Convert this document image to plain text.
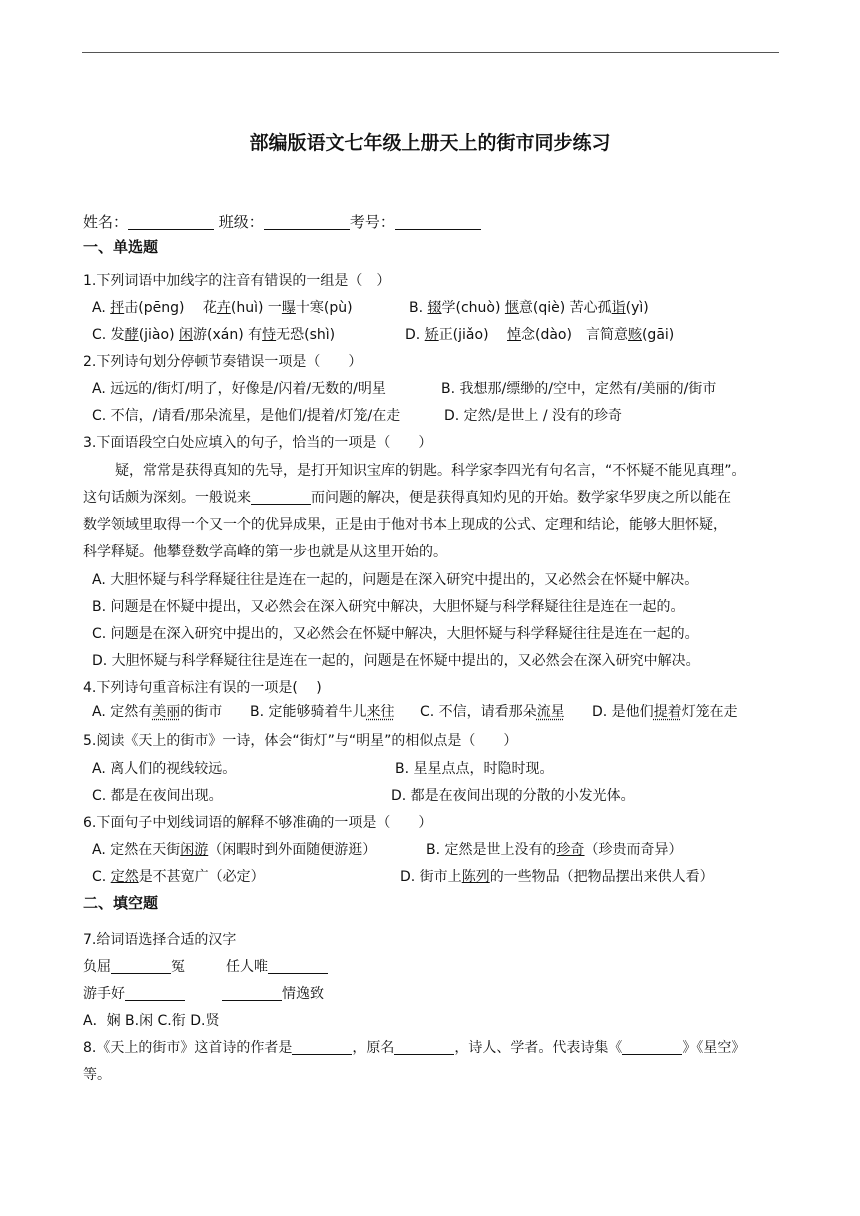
部编版语文七年级上册天上的街市同步练习
姓名：	班级：	考号：
一、单选题
1.下列词语中加线字的注音有错误的一组是（　）
A. 抨击(pēng)　 花卉(huì) 一曝十寒(pù)	B. 辍学(chuò) 惬意(qiè) 苦心孤诣(yì)
C. 发酵(jiào) 闲游(xán) 有恃无恐(shì)	D. 矫正(jiǎo)　 悼念(dào)　言简意赅(gāi)
2.下列诗句划分停顿节奏错误一项是（　　）
A. 远远的/街灯/明了，好像是/闪着/无数的/明星	B. 我想那/缥缈的/空中，定然有/美丽的/街市
C. 不信，/请看/那朵流星，是他们/提着/灯笼/在走	D. 定然/是世上 / 没有的珍奇
3.下面语段空白处应填入的句子，恰当的一项是（　　）
疑，常常是获得真知的先导，是打开知识宝库的钥匙。科学家李四光有句名言，“不怀疑不能见真理”。
这句话颇为深刻。一般说来	而问题的解决，便是获得真知灼见的开始。数学家华罗庚之所以能在
数学领域里取得一个又一个的优异成果，正是由于他对书本上现成的公式、定理和结论，能够大胆怀疑，
科学释疑。他攀登数学高峰的第一步也就是从这里开始的。
A. 大胆怀疑与科学释疑往往是连在一起的，问题是在深入研究中提出的，又必然会在怀疑中解决。
B. 问题是在怀疑中提出，又必然会在深入研究中解决，大胆怀疑与科学释疑往往是连在一起的。
C. 问题是在深入研究中提出的，又必然会在怀疑中解决，大胆怀疑与科学释疑往往是连在一起的。
D. 大胆怀疑与科学释疑往往是连在一起的，问题是在怀疑中提出的，又必然会在深入研究中解决。
4.下列诗句重音标注有误的一项是(　 )
A. 定然有美丽的街市 B. 定能够骑着牛儿来往 C. 不信，请看那朵流星 D. 是他们提着灯笼在走
5.阅读《天上的街市》一诗，体会“街灯”与“明星”的相似点是（　　）
A. 离人们的视线较远。	B. 星星点点，时隐时现。
C. 都是在夜间出现。	D. 都是在夜间出现的分散的小发光体。
6.下面句子中划线词语的解释不够准确的一项是（　　）
A. 定然在天街闲游（闲暇时到外面随便游逛）	B. 定然是世上没有的珍奇（珍贵而奇异）
C. 定然是不甚宽广（必定）	D. 街市上陈列的一些物品（把物品摆出来供人看）
二、填空题
7.给词语选择合适的汉字
负屈	冤	任人唯
游手好	情逸致
A．娴 B.闲 C.衔 D.贤
8.《天上的街市》这首诗的作者是	，原名	，诗人、学者。代表诗集《	》《星空》
等。
